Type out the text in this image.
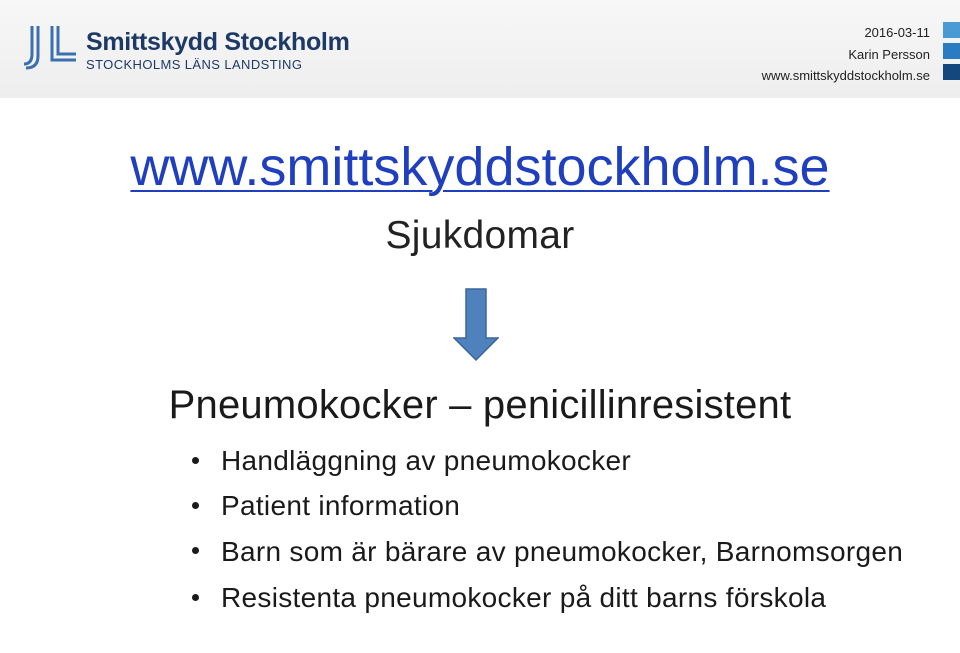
Smittskydd Stockholm
STOCKHOLMS LÄNS LANDSTING
2016-03-11
Karin Persson
www.smittskyddstockholm.se
www.smittskyddstockholm.se
Sjukdomar
Pneumokocker – penicillinresistent
Handläggning av pneumokocker
Patient information
Barn som är bärare av pneumokocker, Barnomsorgen
Resistenta pneumokocker på ditt barns förskola
